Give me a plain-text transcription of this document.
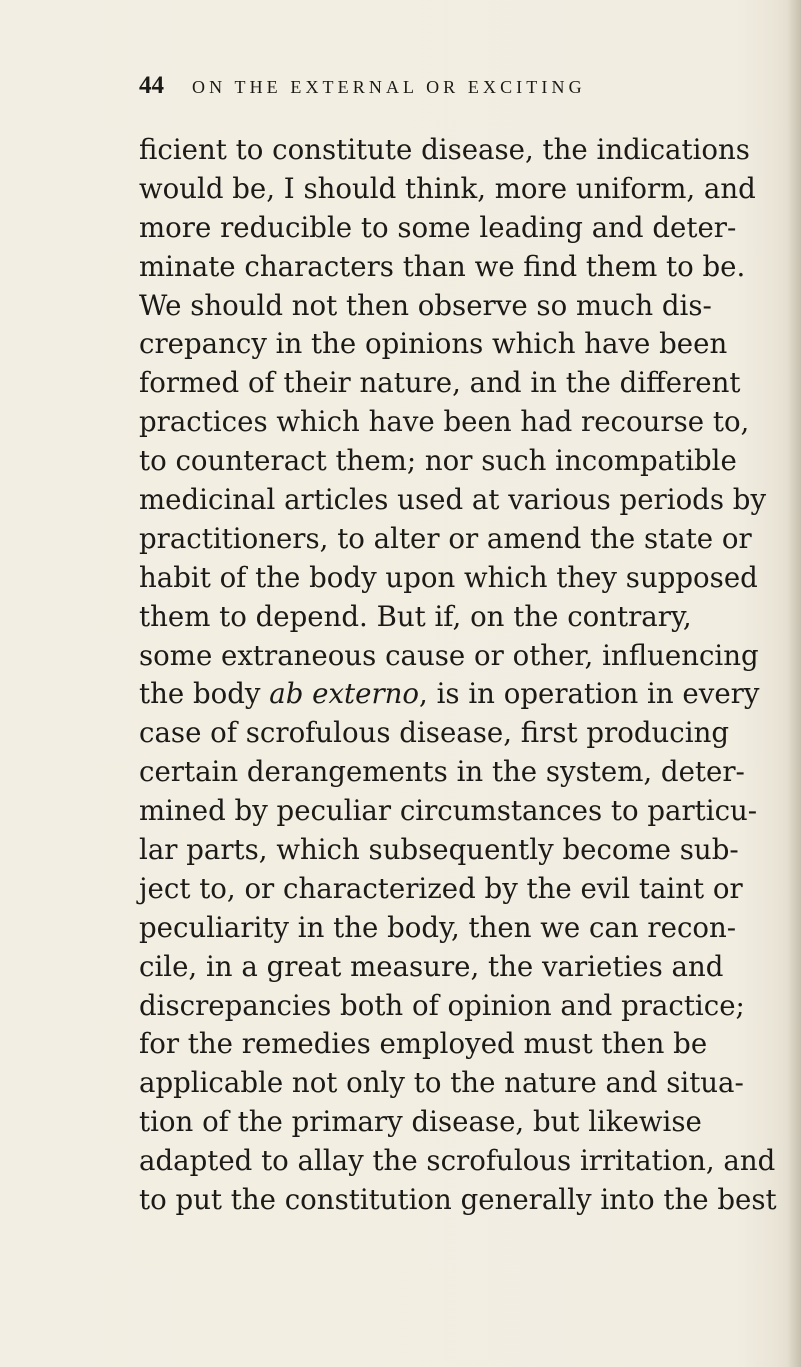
44 ON THE EXTERNAL OR EXCITING
ficient to constitute disease, the indications
would be, I should think, more uniform, and
more reducible to some leading and deter-
minate characters than we find them to be.
We should not then observe so much dis-
crepancy in the opinions which have been
formed of their nature, and in the different
practices which have been had recourse to,
to counteract them; nor such incompatible
medicinal articles used at various periods by
practitioners, to alter or amend the state or
habit of the body upon which they supposed
them to depend. But if, on the contrary,
some extraneous cause or other, influencing
the body ab externo, is in operation in every
case of scrofulous disease, first producing
certain derangements in the system, deter-
mined by peculiar circumstances to particu-
lar parts, which subsequently become sub-
ject to, or characterized by the evil taint or
peculiarity in the body, then we can recon-
cile, in a great measure, the varieties and
discrepancies both of opinion and practice;
for the remedies employed must then be
applicable not only to the nature and situa-
tion of the primary disease, but likewise
adapted to allay the scrofulous irritation, and
to put the constitution generally into the best
